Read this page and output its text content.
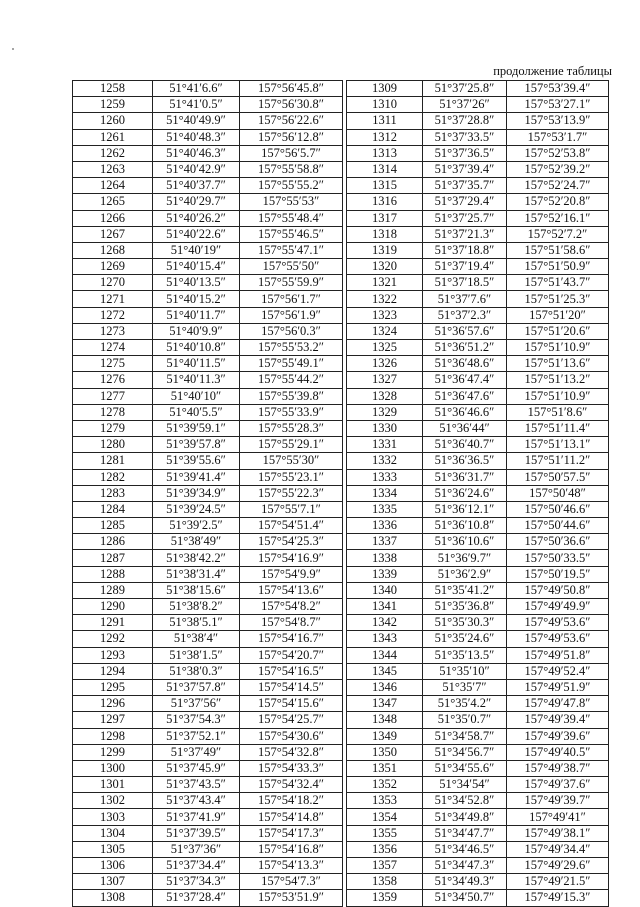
продолжение таблицы
1258	51°41′6.6″	157°56′45.8″
1259	51°41′0.5″	157°56′30.8″
1260	51°40′49.9″	157°56′22.6″
1261	51°40′48.3″	157°56′12.8″
1262	51°40′46.3″	157°56′5.7″
1263	51°40′42.9″	157°55′58.8″
1264	51°40′37.7″	157°55′55.2″
1265	51°40′29.7″	157°55′53″
1266	51°40′26.2″	157°55′48.4″
1267	51°40′22.6″	157°55′46.5″
1268	51°40′19″	157°55′47.1″
1269	51°40′15.4″	157°55′50″
1270	51°40′13.5″	157°55′59.9″
1271	51°40′15.2″	157°56′1.7″
1272	51°40′11.7″	157°56′1.9″
1273	51°40′9.9″	157°56′0.3″
1274	51°40′10.8″	157°55′53.2″
1275	51°40′11.5″	157°55′49.1″
1276	51°40′11.3″	157°55′44.2″
1277	51°40′10″	157°55′39.8″
1278	51°40′5.5″	157°55′33.9″
1279	51°39′59.1″	157°55′28.3″
1280	51°39′57.8″	157°55′29.1″
1281	51°39′55.6″	157°55′30″
1282	51°39′41.4″	157°55′23.1″
1283	51°39′34.9″	157°55′22.3″
1284	51°39′24.5″	157°55′7.1″
1285	51°39′2.5″	157°54′51.4″
1286	51°38′49″	157°54′25.3″
1287	51°38′42.2″	157°54′16.9″
1288	51°38′31.4″	157°54′9.9″
1289	51°38′15.6″	157°54′13.6″
1290	51°38′8.2″	157°54′8.2″
1291	51°38′5.1″	157°54′8.7″
1292	51°38′4″	157°54′16.7″
1293	51°38′1.5″	157°54′20.7″
1294	51°38′0.3″	157°54′16.5″
1295	51°37′57.8″	157°54′14.5″
1296	51°37′56″	157°54′15.6″
1297	51°37′54.3″	157°54′25.7″
1298	51°37′52.1″	157°54′30.6″
1299	51°37′49″	157°54′32.8″
1300	51°37′45.9″	157°54′33.3″
1301	51°37′43.5″	157°54′32.4″
1302	51°37′43.4″	157°54′18.2″
1303	51°37′41.9″	157°54′14.8″
1304	51°37′39.5″	157°54′17.3″
1305	51°37′36″	157°54′16.8″
1306	51°37′34.4″	157°54′13.3″
1307	51°37′34.3″	157°54′7.3″
1308	51°37′28.4″	157°53′51.9″
1309	51°37′25.8″	157°53′39.4″
1310	51°37′26″	157°53′27.1″
1311	51°37′28.8″	157°53′13.9″
1312	51°37′33.5″	157°53′1.7″
1313	51°37′36.5″	157°52′53.8″
1314	51°37′39.4″	157°52′39.2″
1315	51°37′35.7″	157°52′24.7″
1316	51°37′29.4″	157°52′20.8″
1317	51°37′25.7″	157°52′16.1″
1318	51°37′21.3″	157°52′7.2″
1319	51°37′18.8″	157°51′58.6″
1320	51°37′19.4″	157°51′50.9″
1321	51°37′18.5″	157°51′43.7″
1322	51°37′7.6″	157°51′25.3″
1323	51°37′2.3″	157°51′20″
1324	51°36′57.6″	157°51′20.6″
1325	51°36′51.2″	157°51′10.9″
1326	51°36′48.6″	157°51′13.6″
1327	51°36′47.4″	157°51′13.2″
1328	51°36′47.6″	157°51′10.9″
1329	51°36′46.6″	157°51′8.6″
1330	51°36′44″	157°51′11.4″
1331	51°36′40.7″	157°51′13.1″
1332	51°36′36.5″	157°51′11.2″
1333	51°36′31.7″	157°50′57.5″
1334	51°36′24.6″	157°50′48″
1335	51°36′12.1″	157°50′46.6″
1336	51°36′10.8″	157°50′44.6″
1337	51°36′10.6″	157°50′36.6″
1338	51°36′9.7″	157°50′33.5″
1339	51°36′2.9″	157°50′19.5″
1340	51°35′41.2″	157°49′50.8″
1341	51°35′36.8″	157°49′49.9″
1342	51°35′30.3″	157°49′53.6″
1343	51°35′24.6″	157°49′53.6″
1344	51°35′13.5″	157°49′51.8″
1345	51°35′10″	157°49′52.4″
1346	51°35′7″	157°49′51.9″
1347	51°35′4.2″	157°49′47.8″
1348	51°35′0.7″	157°49′39.4″
1349	51°34′58.7″	157°49′39.6″
1350	51°34′56.7″	157°49′40.5″
1351	51°34′55.6″	157°49′38.7″
1352	51°34′54″	157°49′37.6″
1353	51°34′52.8″	157°49′39.7″
1354	51°34′49.8″	157°49′41″
1355	51°34′47.7″	157°49′38.1″
1356	51°34′46.5″	157°49′34.4″
1357	51°34′47.3″	157°49′29.6″
1358	51°34′49.3″	157°49′21.5″
1359	51°34′50.7″	157°49′15.3″
